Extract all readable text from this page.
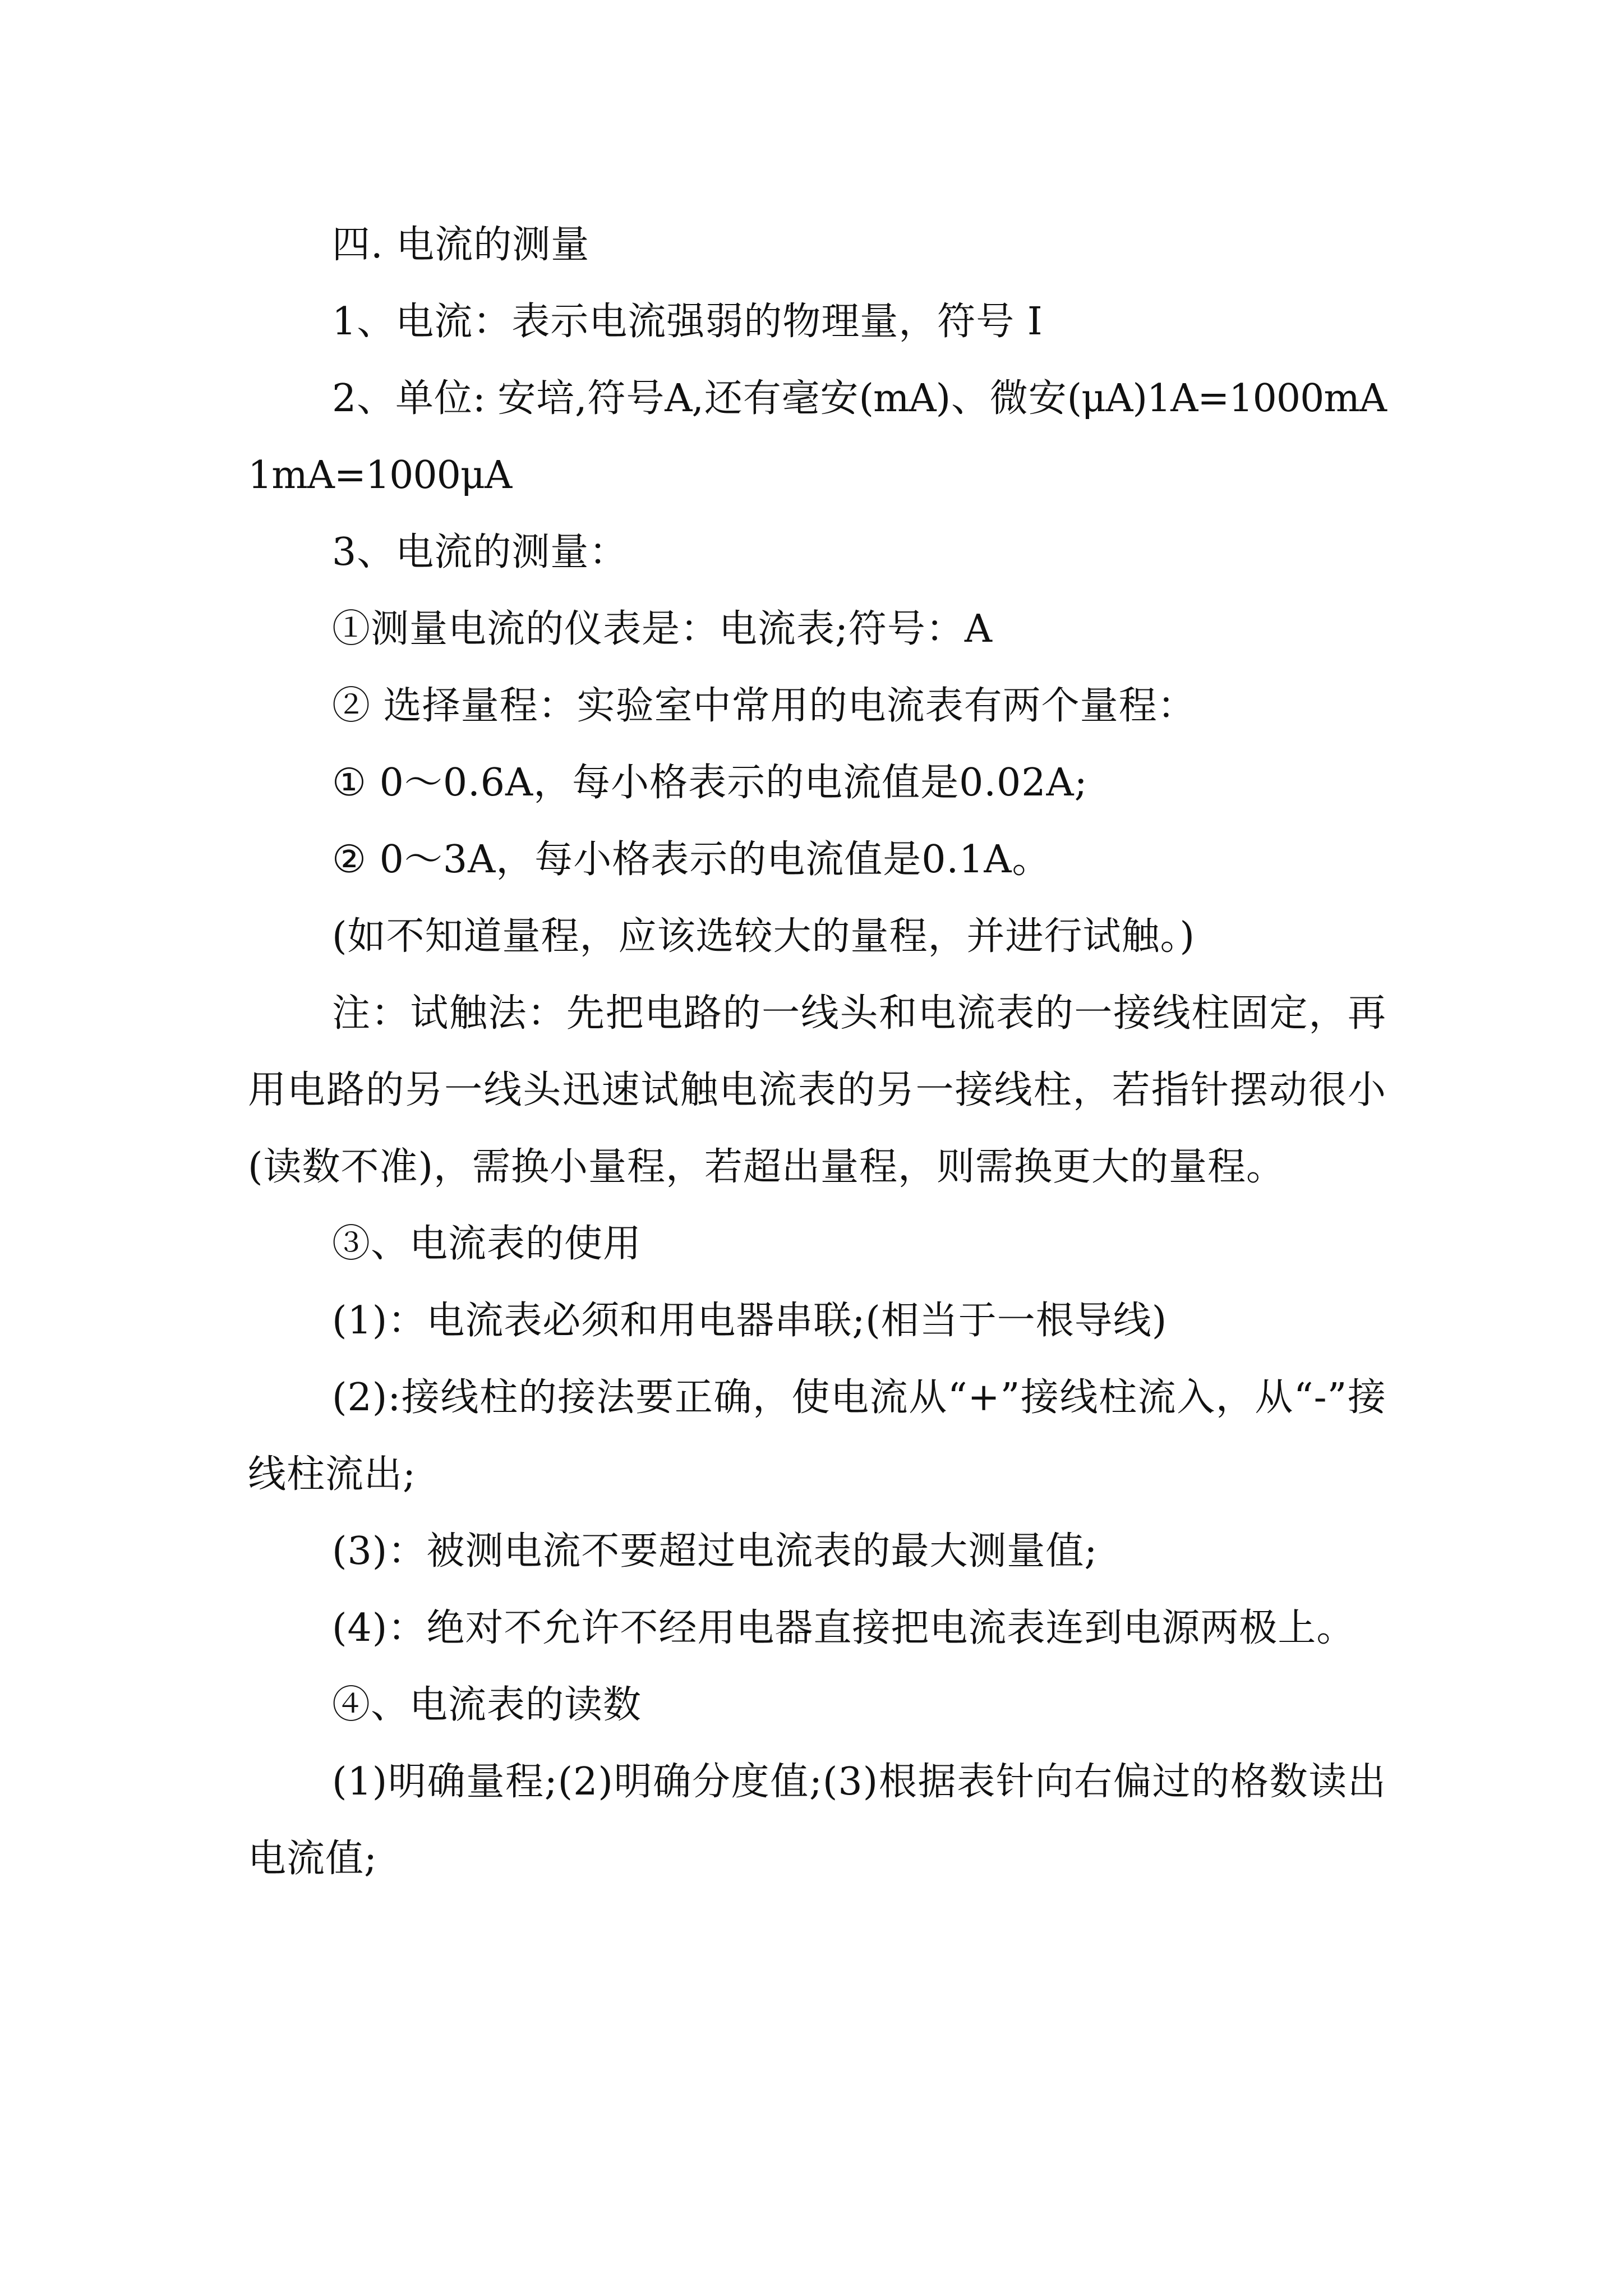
四. 电流的测量

1、电流：表示电流强弱的物理量，符号 I

2、单位: 安培,符号A,还有毫安(mA)、微安(μA)1A=1000mA 1mA=1000μA

3、电流的测量：

①测量电流的仪表是：电流表;符号：A

② 选择量程：实验室中常用的电流表有两个量程：

① 0～0.6A，每小格表示的电流值是0.02A;

② 0～3A，每小格表示的电流值是0.1A。

(如不知道量程，应该选较大的量程，并进行试触。)

注：试触法：先把电路的一线头和电流表的一接线柱固定，再用电路的另一线头迅速试触电流表的另一接线柱，若指针摆动很小(读数不准)，需换小量程，若超出量程，则需换更大的量程。

③、电流表的使用

(1)：电流表必须和用电器串联;(相当于一根导线)

(2):接线柱的接法要正确，使电流从“+”接线柱流入，从“-”接线柱流出;

(3)：被测电流不要超过电流表的最大测量值;

(4)：绝对不允许不经用电器直接把电流表连到电源两极上。

④、电流表的读数

(1)明确量程;(2)明确分度值;(3)根据表针向右偏过的格数读出电流值;
